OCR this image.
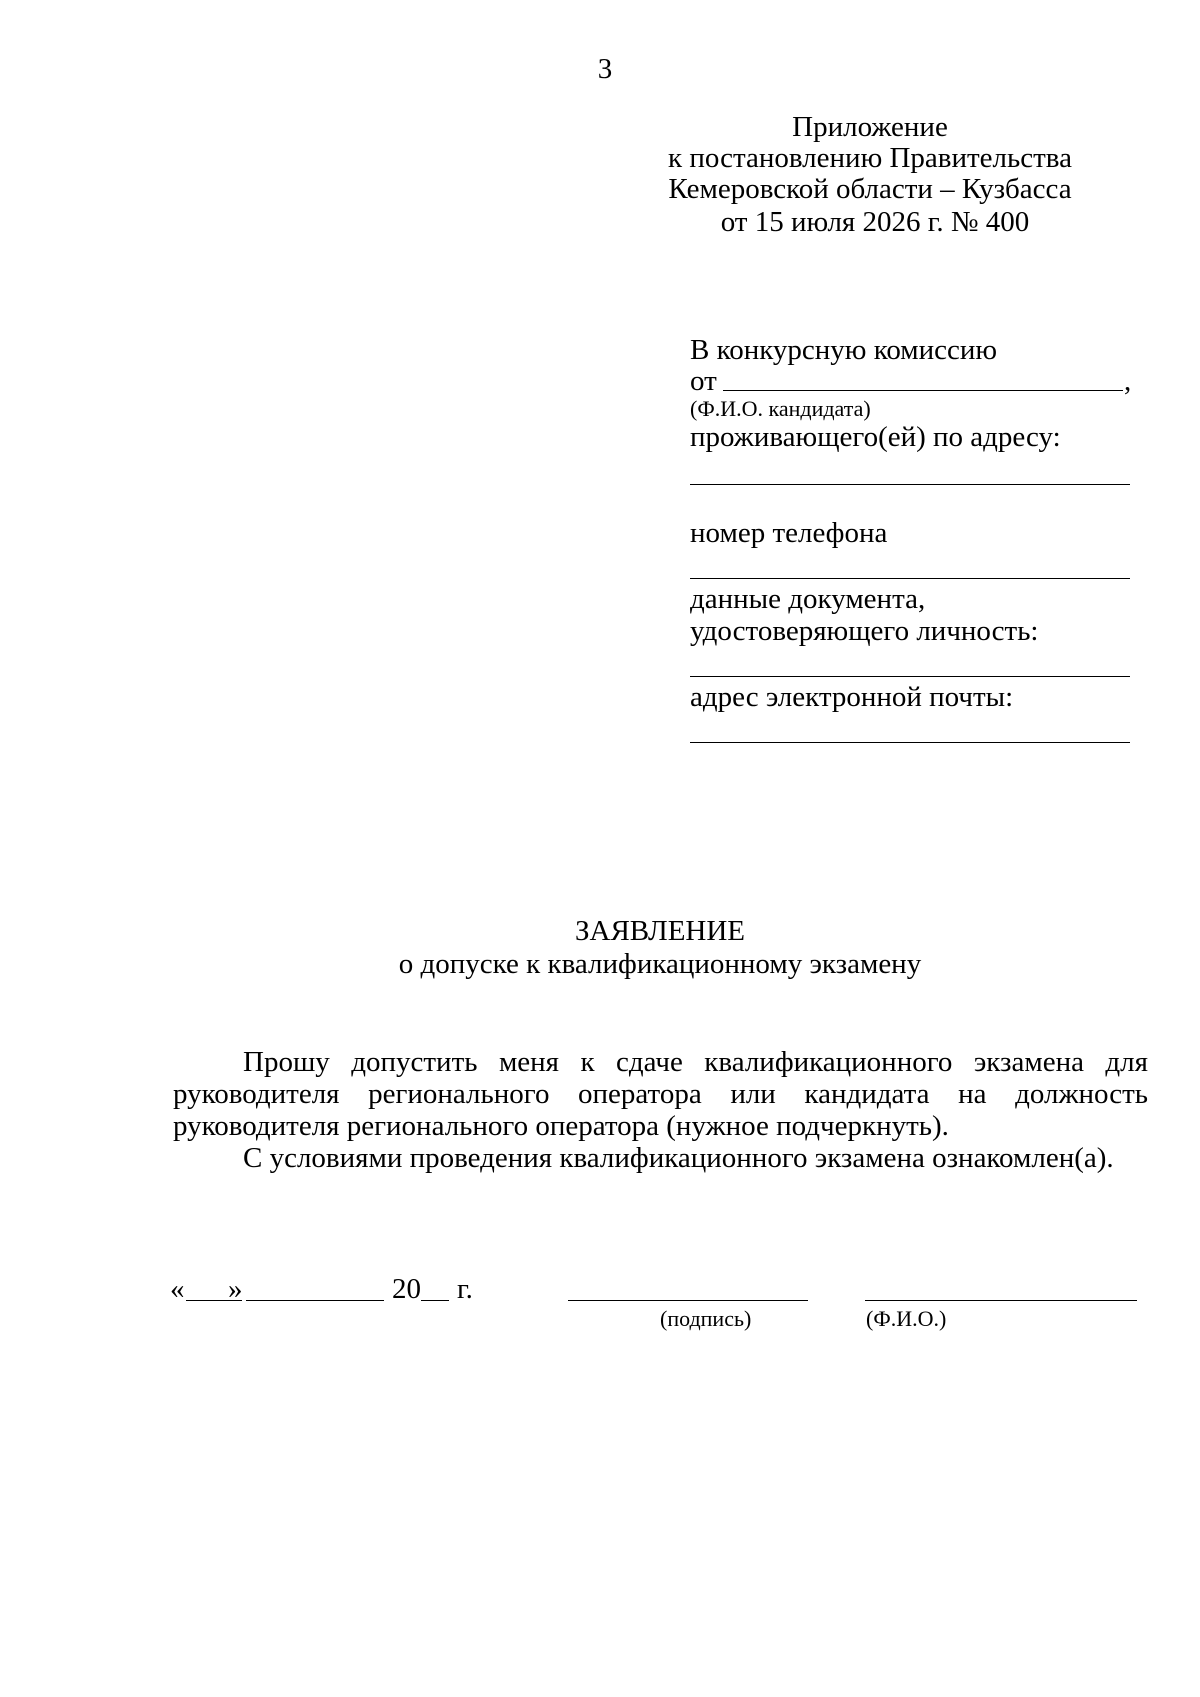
3
Приложение
к постановлению Правительства
Кемеровской области – Кузбасса
от 15 июля 2026 г. № 400
В конкурсную комиссию
от	,
(Ф.И.О. кандидата)
проживающего(ей) по адресу:
номер телефона
данные документа,
удостоверяющего личность:
адрес электронной почты:
ЗАЯВЛЕНИЕ
о допуске к квалификационному экзамену
Прошу допустить меня к сдаче квалификационного экзамена для
руководителя регионального оператора или кандидата на должность
руководителя регионального оператора (нужное подчеркнуть).
С условиями проведения квалификационного экзамена ознакомлен(а).
« »	20 г.
(подпись)	(Ф.И.О.)
